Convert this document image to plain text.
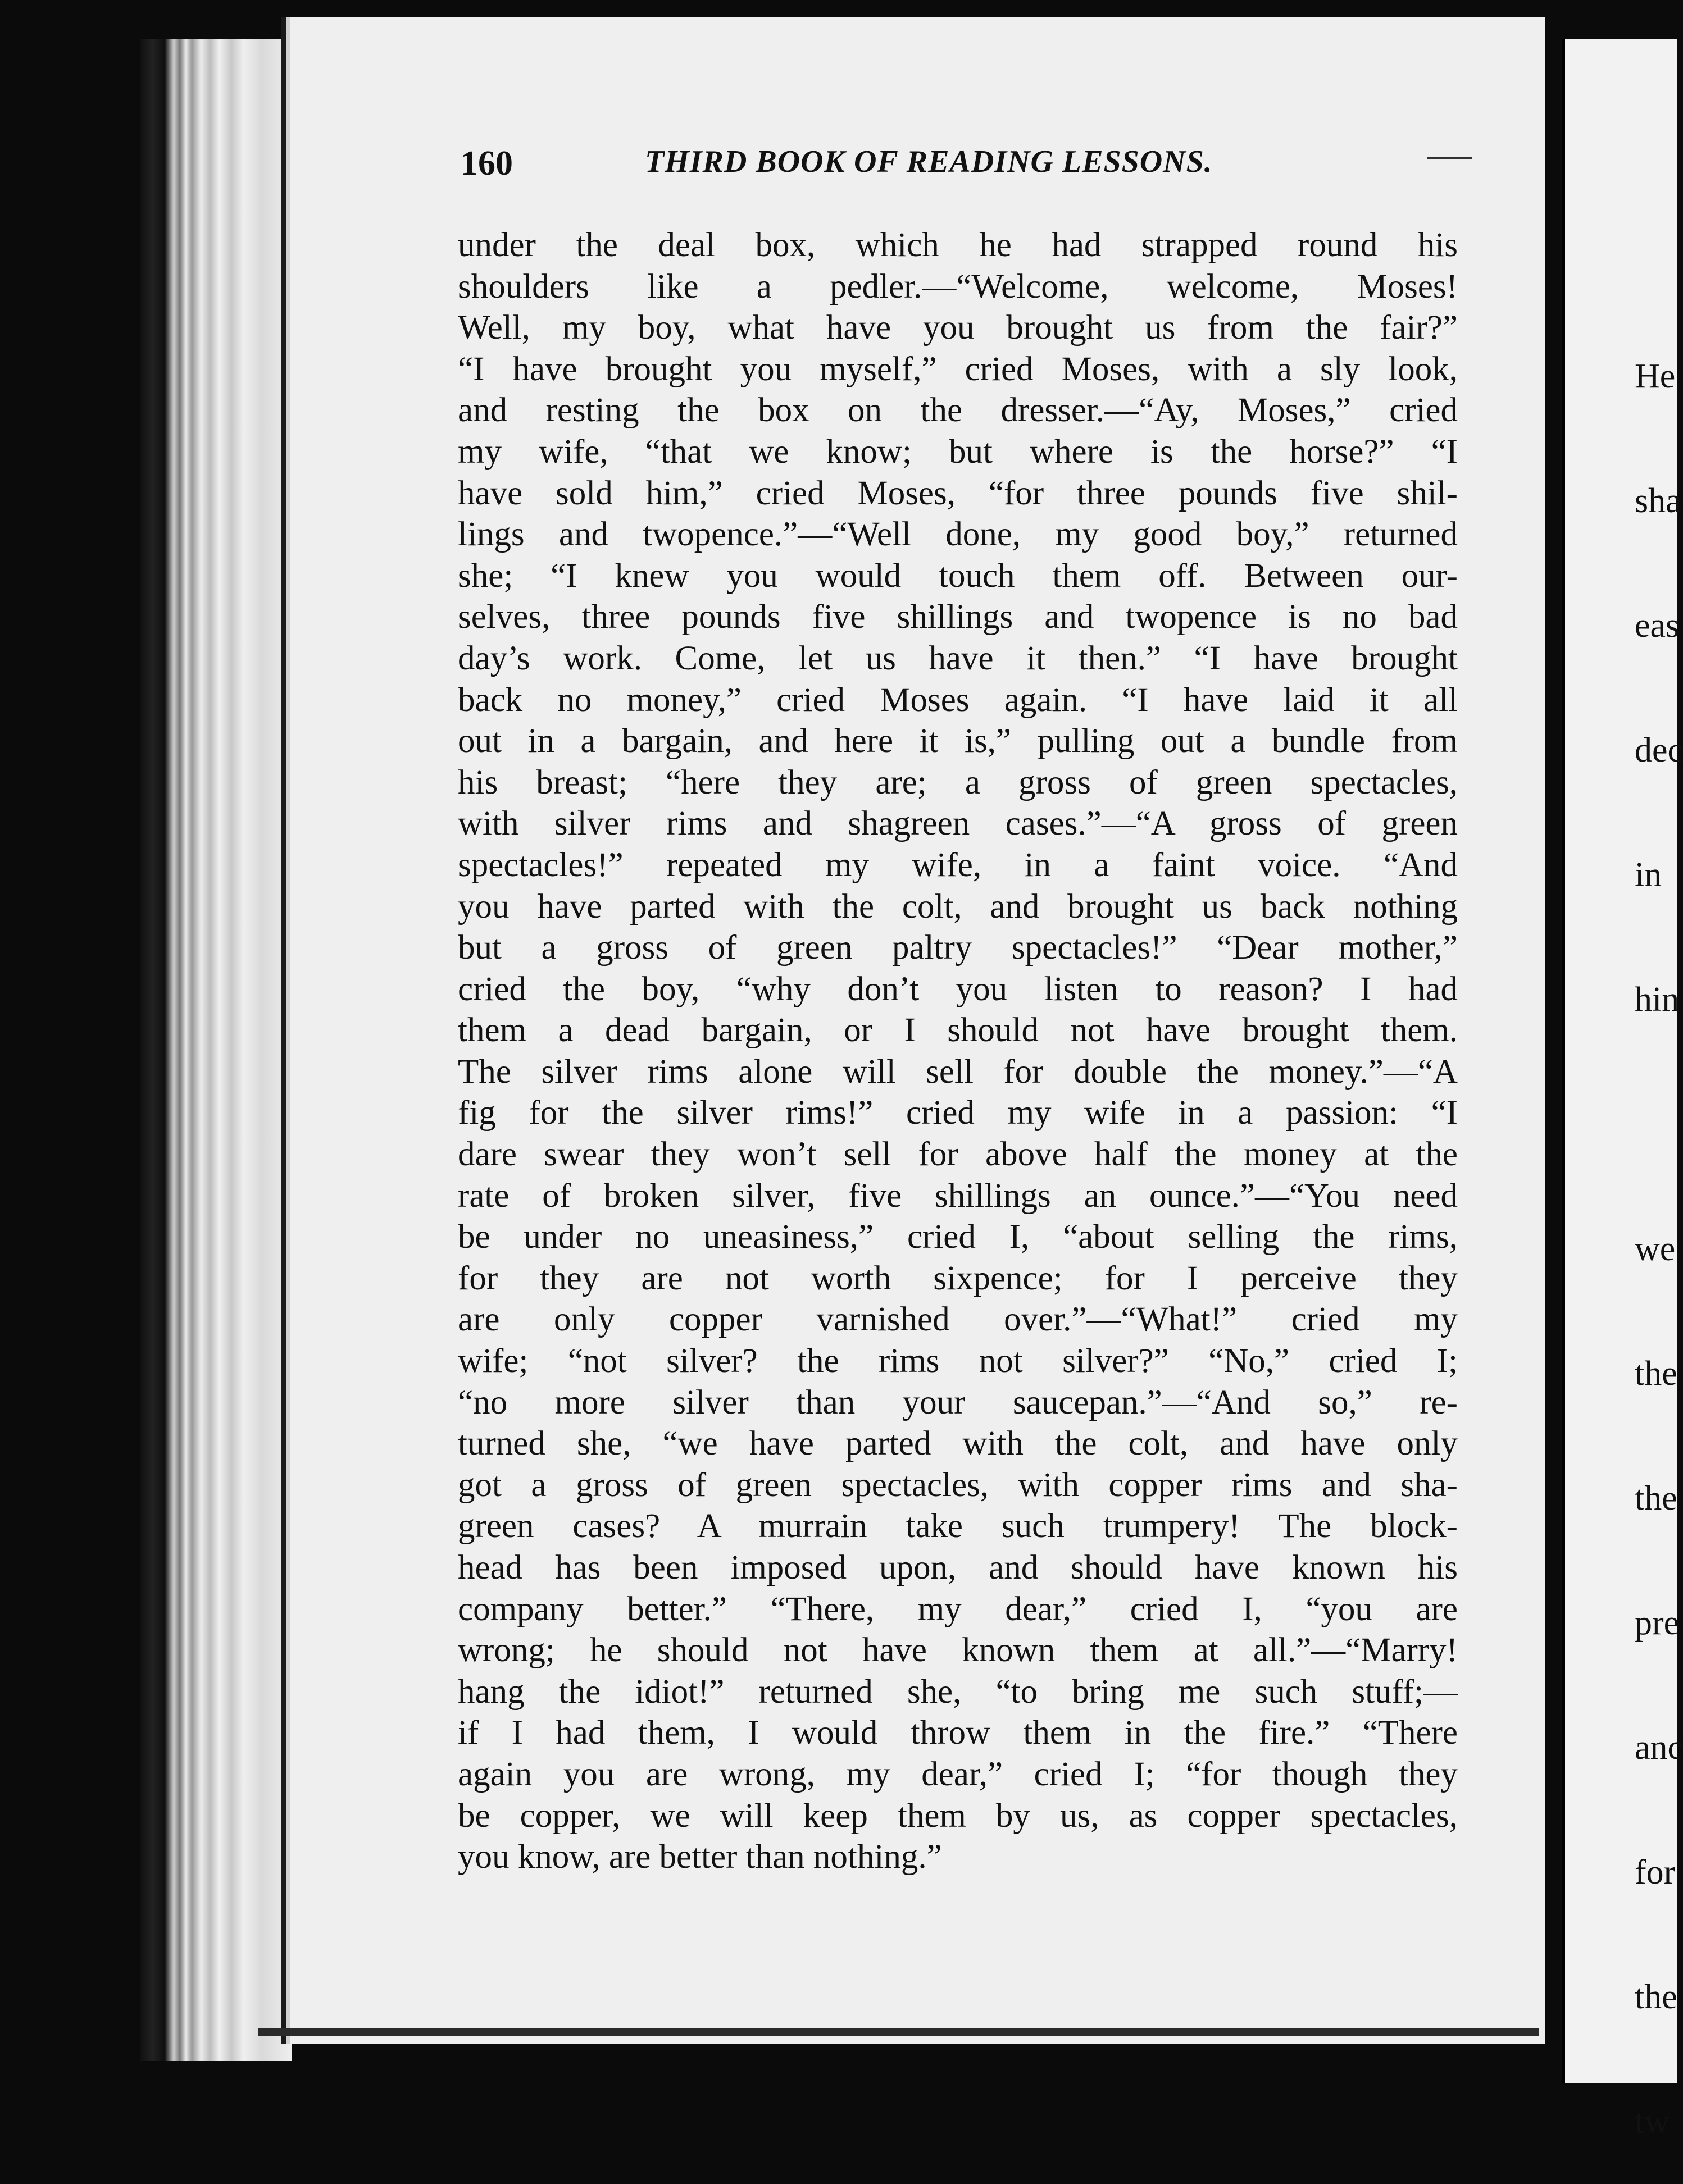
He

sha

eas

dec

in

hin

we

the

the

pre

anc

for

the

tw

160	THIRD BOOK OF READING LESSONS.
under the deal box, which he had strapped round his
shoulders like a pedler.—“Welcome, welcome, Moses!
Well, my boy, what have you brought us from the fair?”
“I have brought you myself,” cried Moses, with a sly look,
and resting the box on the dresser.—“Ay, Moses,” cried
my wife, “that we know; but where is the horse?” “I
have sold him,” cried Moses, “for three pounds five shil-
lings and twopence.”—“Well done, my good boy,” returned
she; “I knew you would touch them off. Between our-
selves, three pounds five shillings and twopence is no bad
day’s work. Come, let us have it then.” “I have brought
back no money,” cried Moses again. “I have laid it all
out in a bargain, and here it is,” pulling out a bundle from
his breast; “here they are; a gross of green spectacles,
with silver rims and shagreen cases.”—“A gross of green
spectacles!” repeated my wife, in a faint voice. “And
you have parted with the colt, and brought us back nothing
but a gross of green paltry spectacles!” “Dear mother,”
cried the boy, “why don’t you listen to reason? I had
them a dead bargain, or I should not have brought them.
The silver rims alone will sell for double the money.”—“A
fig for the silver rims!” cried my wife in a passion: “I
dare swear they won’t sell for above half the money at the
rate of broken silver, five shillings an ounce.”—“You need
be under no uneasiness,” cried I, “about selling the rims,
for they are not worth sixpence; for I perceive they
are only copper varnished over.”—“What!” cried my
wife; “not silver? the rims not silver?” “No,” cried I;
“no more silver than your saucepan.”—“And so,” re-
turned she, “we have parted with the colt, and have only
got a gross of green spectacles, with copper rims and sha-
green cases? A murrain take such trumpery! The block-
head has been imposed upon, and should have known his
company better.” “There, my dear,” cried I, “you are
wrong; he should not have known them at all.”—“Marry!
hang the idiot!” returned she, “to bring me such stuff;—
if I had them, I would throw them in the fire.” “There
again you are wrong, my dear,” cried I; “for though they
be copper, we will keep them by us, as copper spectacles,
you know, are better than nothing.”
